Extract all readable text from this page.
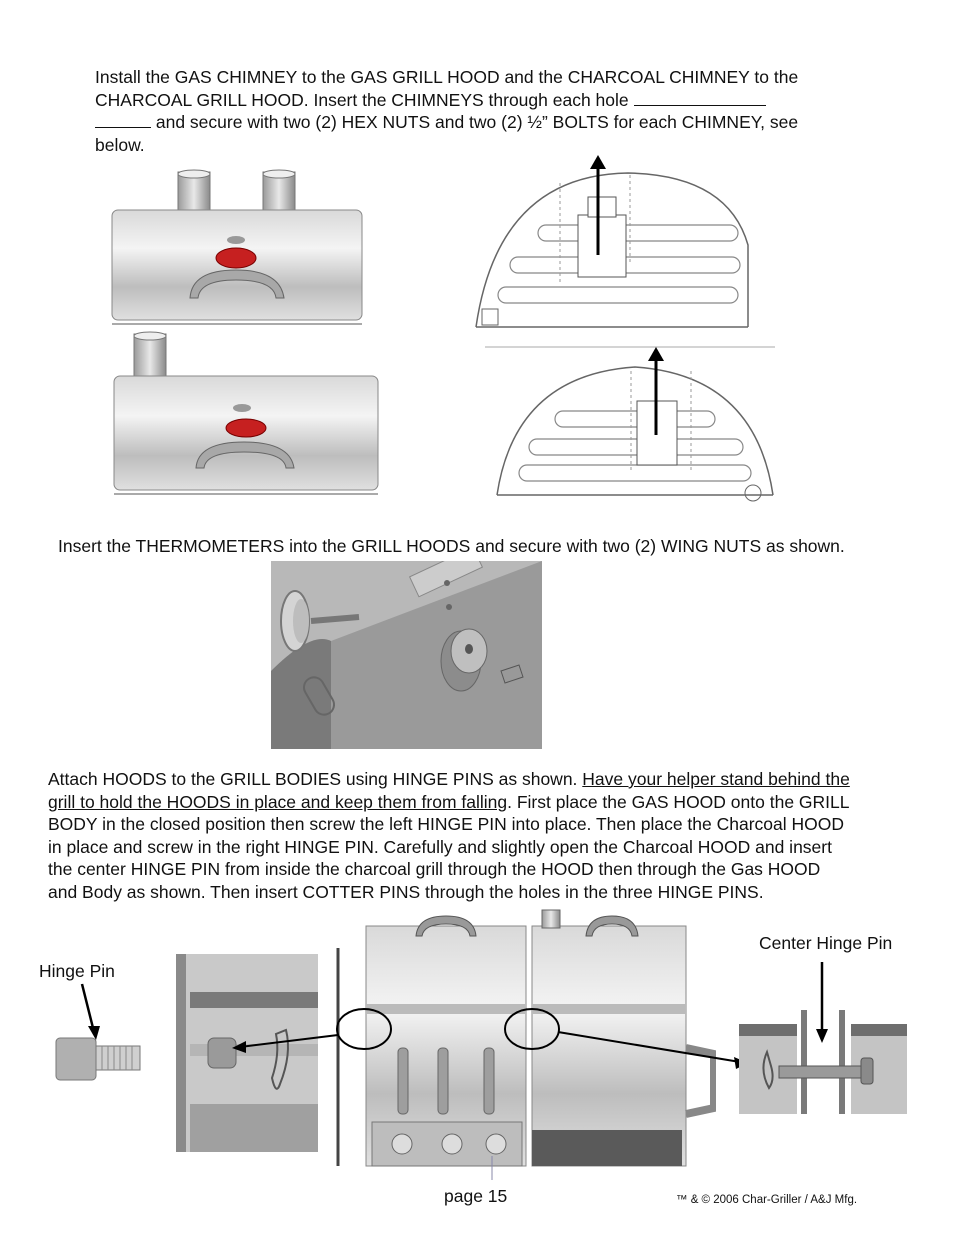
Install the GAS CHIMNEY to the GAS GRILL HOOD and the CHARCOAL CHIMNEY to the
CHARCOAL GRILL HOOD. Insert the CHIMNEYS through each hole
and secure with two (2) HEX NUTS and two (2) ½” BOLTS for each CHIMNEY, see
below.
Insert the THERMOMETERS into the GRILL HOODS and secure with two (2) WING NUTS as shown.
Attach HOODS to the GRILL BODIES using HINGE PINS as shown. Have your helper stand behind the
grill to hold the HOODS in place and keep them from falling. First place the GAS HOOD onto the GRILL
BODY in the closed position then screw the left HINGE PIN into place. Then place the Charcoal HOOD
in place and screw in the right HINGE PIN. Carefully and slightly open the Charcoal HOOD and insert
the center HINGE PIN from inside the charcoal grill through the HOOD then through the Gas HOOD
and Body as shown. Then insert COTTER PINS through the holes in the three HINGE PINS.
Hinge Pin
Center Hinge Pin
page 15	™ & © 2006 Char-Griller / A&J Mfg.
